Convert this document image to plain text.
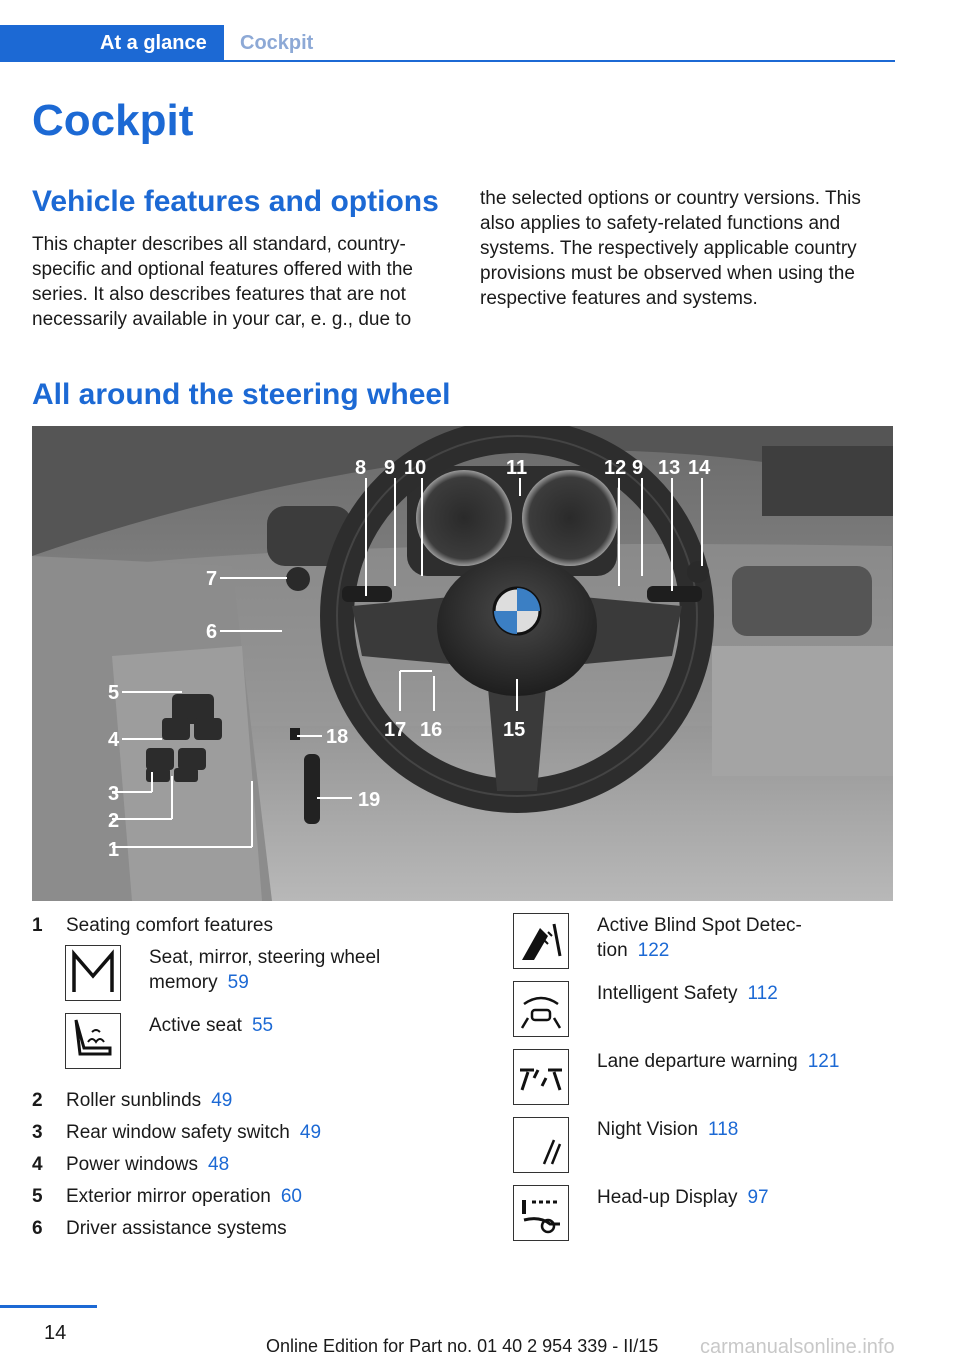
At a glance	Cockpit
Cockpit
Vehicle features and options
This chapter describes all standard, country-specific and optional features offered with the series. It also describes features that are not necessarily available in your car, e. g., due to
the selected options or country versions. This also applies to safety-related functions and systems. The respectively applicable country provisions must be observed when using the respective features and systems.
All around the steering wheel
1
2
3
4
5
6
7
8 9 10	11	12 9 13 14
15
16
17
18
19
1	Seating comfort features
Seat, mirror, steering wheel memory 59
Active seat 55
2	Roller sunblinds 49
3	Rear window safety switch 49
4	Power windows 48
5	Exterior mirror operation 60
6	Driver assistance systems
Active Blind Spot Detec-
tion 122
Intelligent Safety 112
Lane departure warning 121
Night Vision 118
Head-up Display 97
14
Online Edition for Part no. 01 40 2 954 339 - II/15 carmanualsonline.info
